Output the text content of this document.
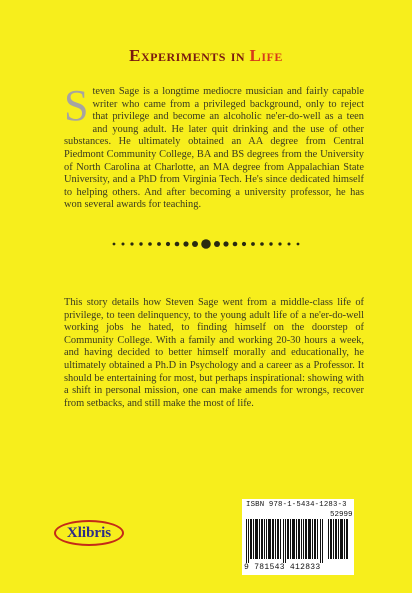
Experiments in Life
Steven Sage is a longtime mediocre musician and fairly capable writer who came from a privileged background, only to reject that privilege and become an alcoholic ne'er-do-well as a teen and young adult. He later quit drinking and the use of other substances. He ultimately obtained an AA degree from Central Piedmont Community College, BA and BS degrees from the University of North Carolina at Charlotte, an MA degree from Appalachian State University, and a PhD from Virginia Tech. He's since dedicated himself to helping others. And after becoming a university professor, he has won several awards for teaching.
This story details how Steven Sage went from a middle-class life of privilege, to teen delinquency, to the young adult life of a ne'er-do-well working jobs he hated, to finding himself on the doorstep of Community College. With a family and working 20-30 hours a week, and having decided to better himself morally and educationally, he ultimately obtained a Ph.D in Psychology and a career as a Professor. It should be entertaining for most, but perhaps inspirational: showing with a shift in personal mission, one can make amends for wrongs, recover from setbacks, and still make the most of life.
Xlibris
ISBN 978-1-5434-1283-3
52999
9 781543 412833
